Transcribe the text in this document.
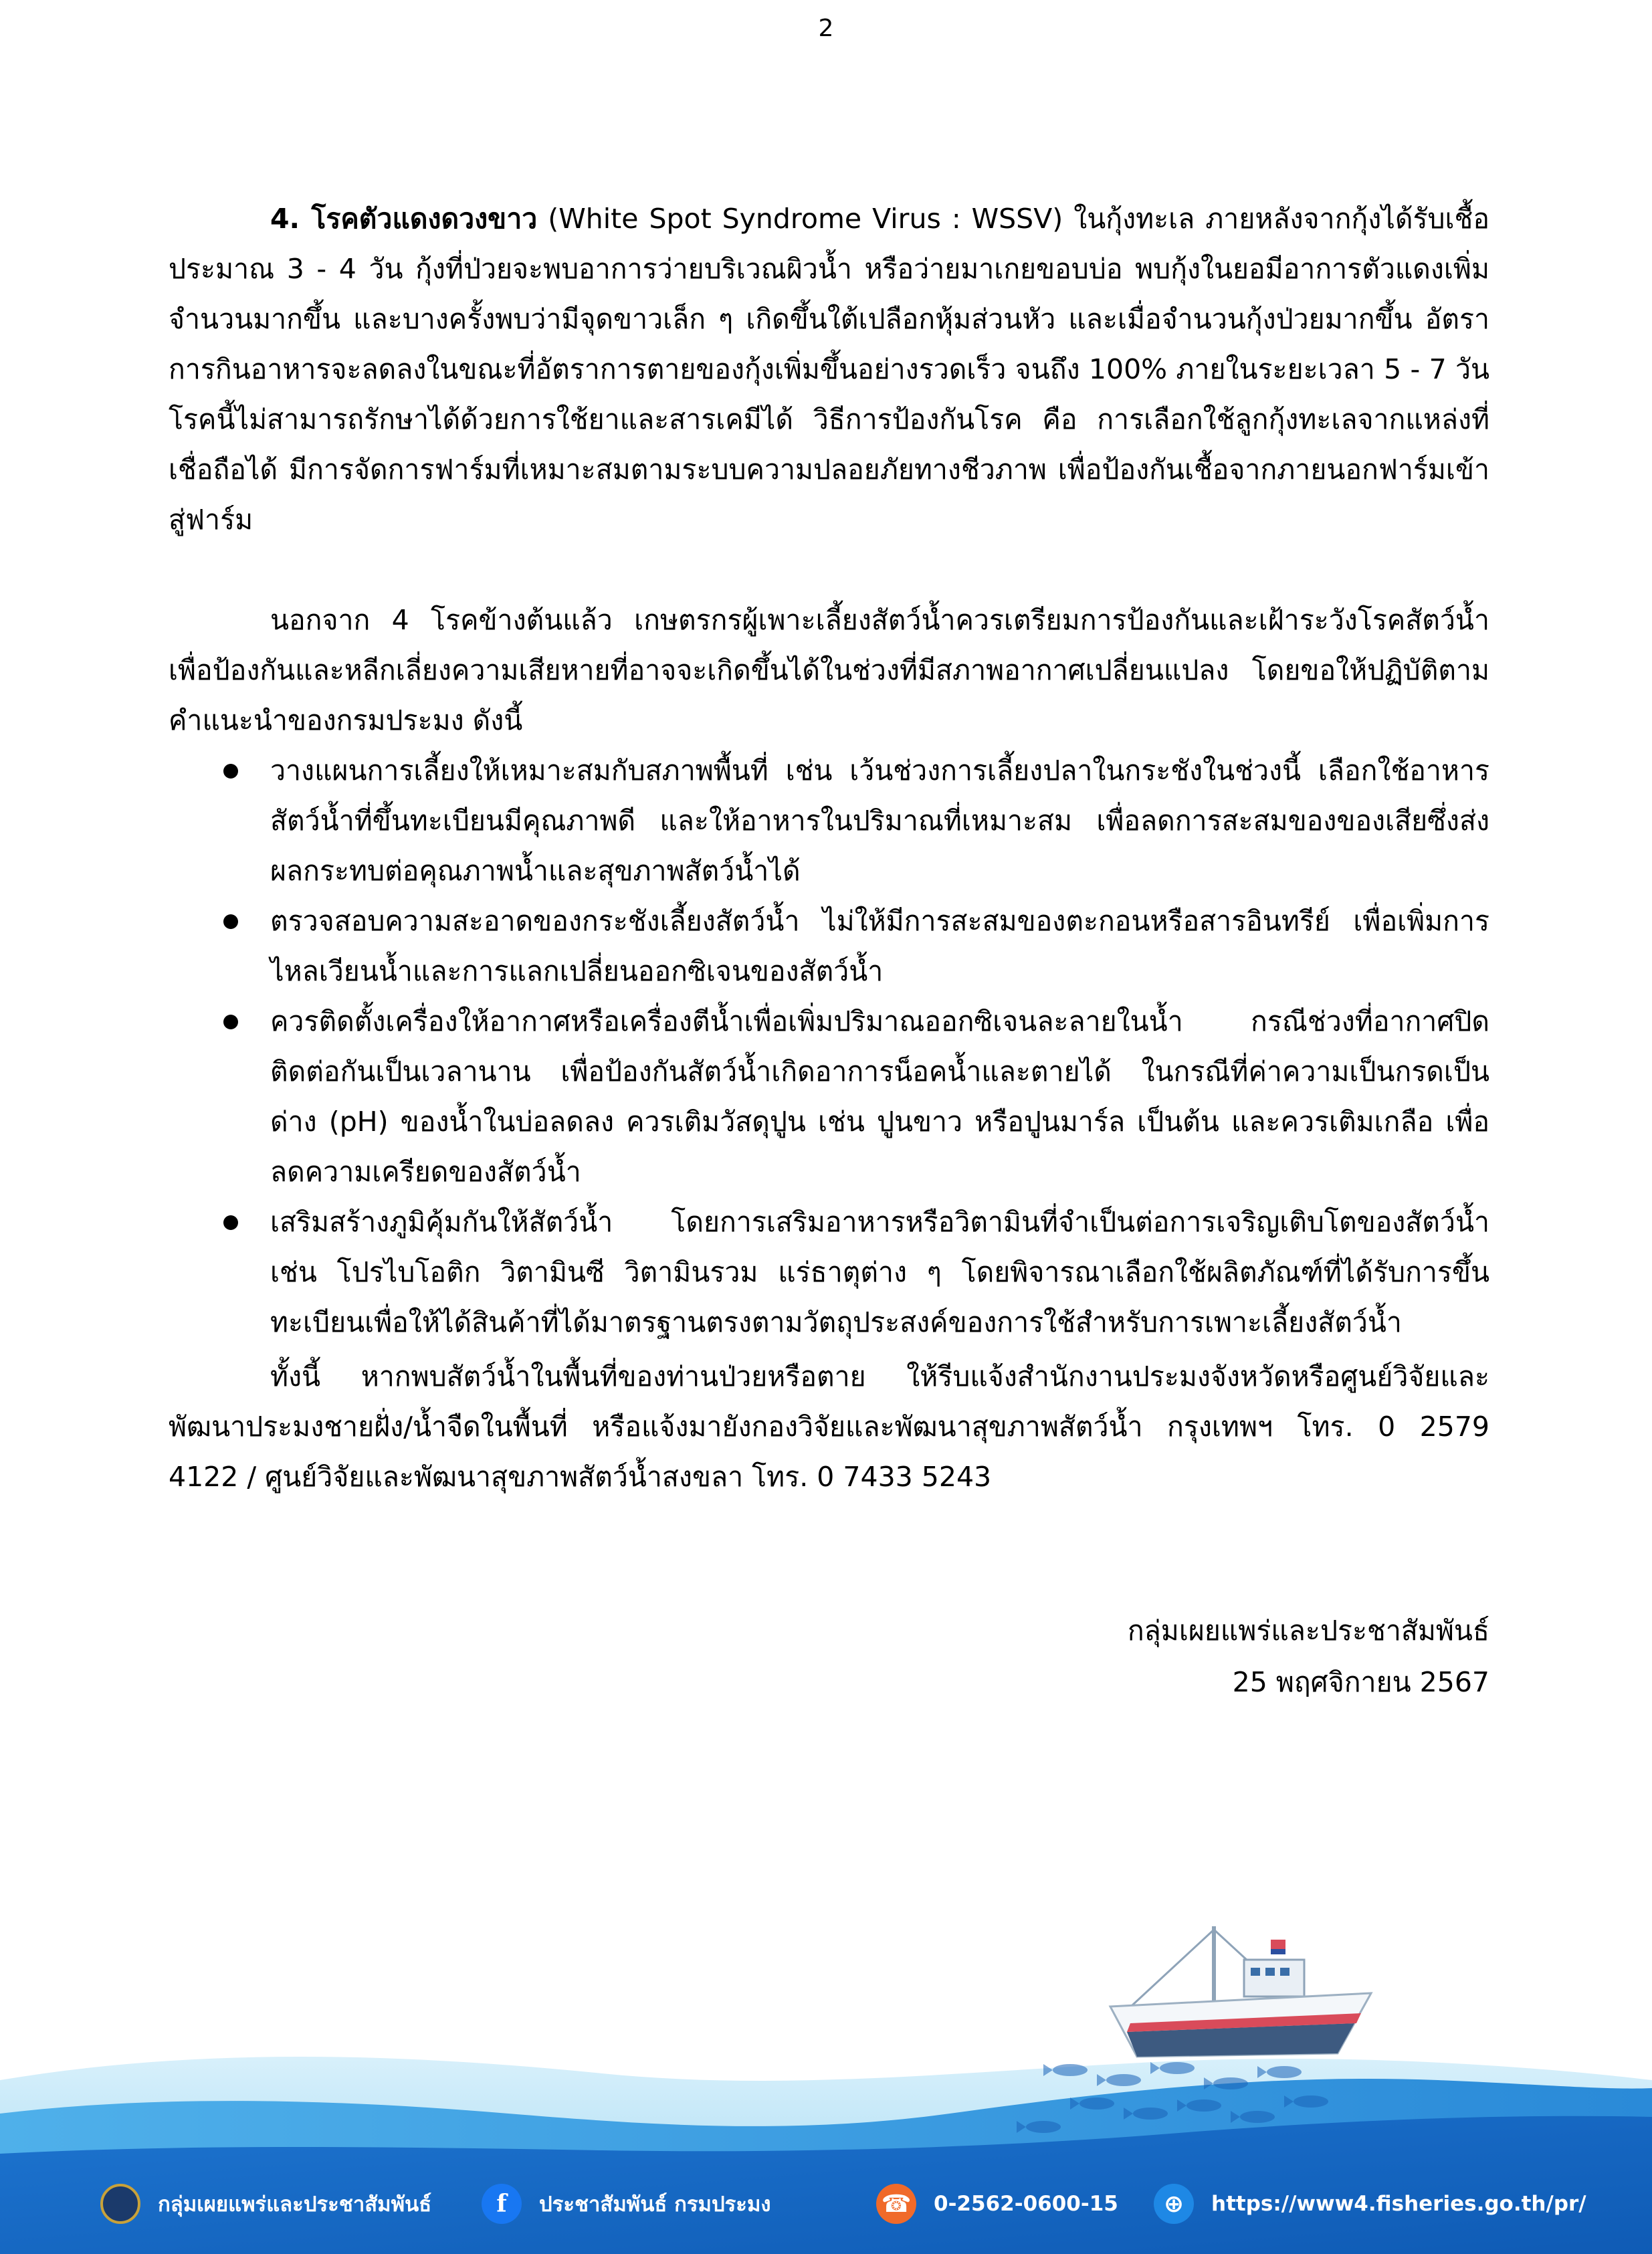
2

4. โรคตัวแดงดวงขาว (White Spot Syndrome Virus : WSSV) ในกุ้งทะเล ภายหลังจากกุ้งได้รับเชื้อประมาณ 3 - 4 วัน กุ้งที่ป่วยจะพบอาการว่ายบริเวณผิวน้ำ หรือว่ายมาเกยขอบบ่อ พบกุ้งในยอมีอาการตัวแดงเพิ่มจำนวนมากขึ้น และบางครั้งพบว่ามีจุดขาวเล็ก ๆ เกิดขึ้นใต้เปลือกหุ้มส่วนหัว และเมื่อจำนวนกุ้งป่วยมากขึ้น อัตราการกินอาหารจะลดลงในขณะที่อัตราการตายของกุ้งเพิ่มขึ้นอย่างรวดเร็ว จนถึง 100% ภายในระยะเวลา 5 - 7 วัน โรคนี้ไม่สามารถรักษาได้ด้วยการใช้ยาและสารเคมีได้ วิธีการป้องกันโรค คือ การเลือกใช้ลูกกุ้งทะเลจากแหล่งที่เชื่อถือได้ มีการจัดการฟาร์มที่เหมาะสมตามระบบความปลอยภัยทางชีวภาพ เพื่อป้องกันเชื้อจากภายนอกฟาร์มเข้าสู่ฟาร์ม

นอกจาก 4 โรคข้างต้นแล้ว เกษตรกรผู้เพาะเลี้ยงสัตว์น้ำควรเตรียมการป้องกันและเฝ้าระวังโรคสัตว์น้ำ เพื่อป้องกันและหลีกเลี่ยงความเสียหายที่อาจจะเกิดขึ้นได้ในช่วงที่มีสภาพอากาศเปลี่ยนแปลง โดยขอให้ปฏิบัติตามคำแนะนำของกรมประมง ดังนี้

วางแผนการเลี้ยงให้เหมาะสมกับสภาพพื้นที่ เช่น เว้นช่วงการเลี้ยงปลาในกระชังในช่วงนี้ เลือกใช้อาหารสัตว์น้ำที่ขึ้นทะเบียนมีคุณภาพดี และให้อาหารในปริมาณที่เหมาะสม เพื่อลดการสะสมของของเสียซึ่งส่งผลกระทบต่อคุณภาพน้ำและสุขภาพสัตว์น้ำได้
ตรวจสอบความสะอาดของกระชังเลี้ยงสัตว์น้ำ ไม่ให้มีการสะสมของตะกอนหรือสารอินทรีย์ เพื่อเพิ่มการไหลเวียนน้ำและการแลกเปลี่ยนออกซิเจนของสัตว์น้ำ
ควรติดตั้งเครื่องให้อากาศหรือเครื่องตีน้ำเพื่อเพิ่มปริมาณออกซิเจนละลายในน้ำ กรณีช่วงที่อากาศปิดติดต่อกันเป็นเวลานาน เพื่อป้องกันสัตว์น้ำเกิดอาการน็อคน้ำและตายได้ ในกรณีที่ค่าความเป็นกรดเป็นด่าง (pH) ของน้ำในบ่อลดลง ควรเติมวัสดุปูน เช่น ปูนขาว หรือปูนมาร์ล เป็นต้น และควรเติมเกลือ เพื่อลดความเครียดของสัตว์น้ำ
เสริมสร้างภูมิคุ้มกันให้สัตว์น้ำ โดยการเสริมอาหารหรือวิตามินที่จำเป็นต่อการเจริญเติบโตของสัตว์น้ำ เช่น โปรไบโอติก วิตามินซี วิตามินรวม แร่ธาตุต่าง ๆ โดยพิจารณาเลือกใช้ผลิตภัณฑ์ที่ได้รับการขึ้นทะเบียนเพื่อให้ได้สินค้าที่ได้มาตรฐานตรงตามวัตถุประสงค์ของการใช้สำหรับการเพาะเลี้ยงสัตว์น้ำ

ทั้งนี้ หากพบสัตว์น้ำในพื้นที่ของท่านป่วยหรือตาย ให้รีบแจ้งสำนักงานประมงจังหวัดหรือศูนย์วิจัยและพัฒนาประมงชายฝั่ง/น้ำจืดในพื้นที่ หรือแจ้งมายังกองวิจัยและพัฒนาสุขภาพสัตว์น้ำ กรุงเทพฯ โทร. 0 2579 4122 / ศูนย์วิจัยและพัฒนาสุขภาพสัตว์น้ำสงขลา โทร. 0 7433 5243

กลุ่มเผยแพร่และประชาสัมพันธ์
25 พฤศจิกายน 2567
กลุ่มเผยแพร่และประชาสัมพันธ์	f	ประชาสัมพันธ์ กรมประมง	☎ 0-2562-0600-15	⊕	https://www4.fisheries.go.th/pr/
